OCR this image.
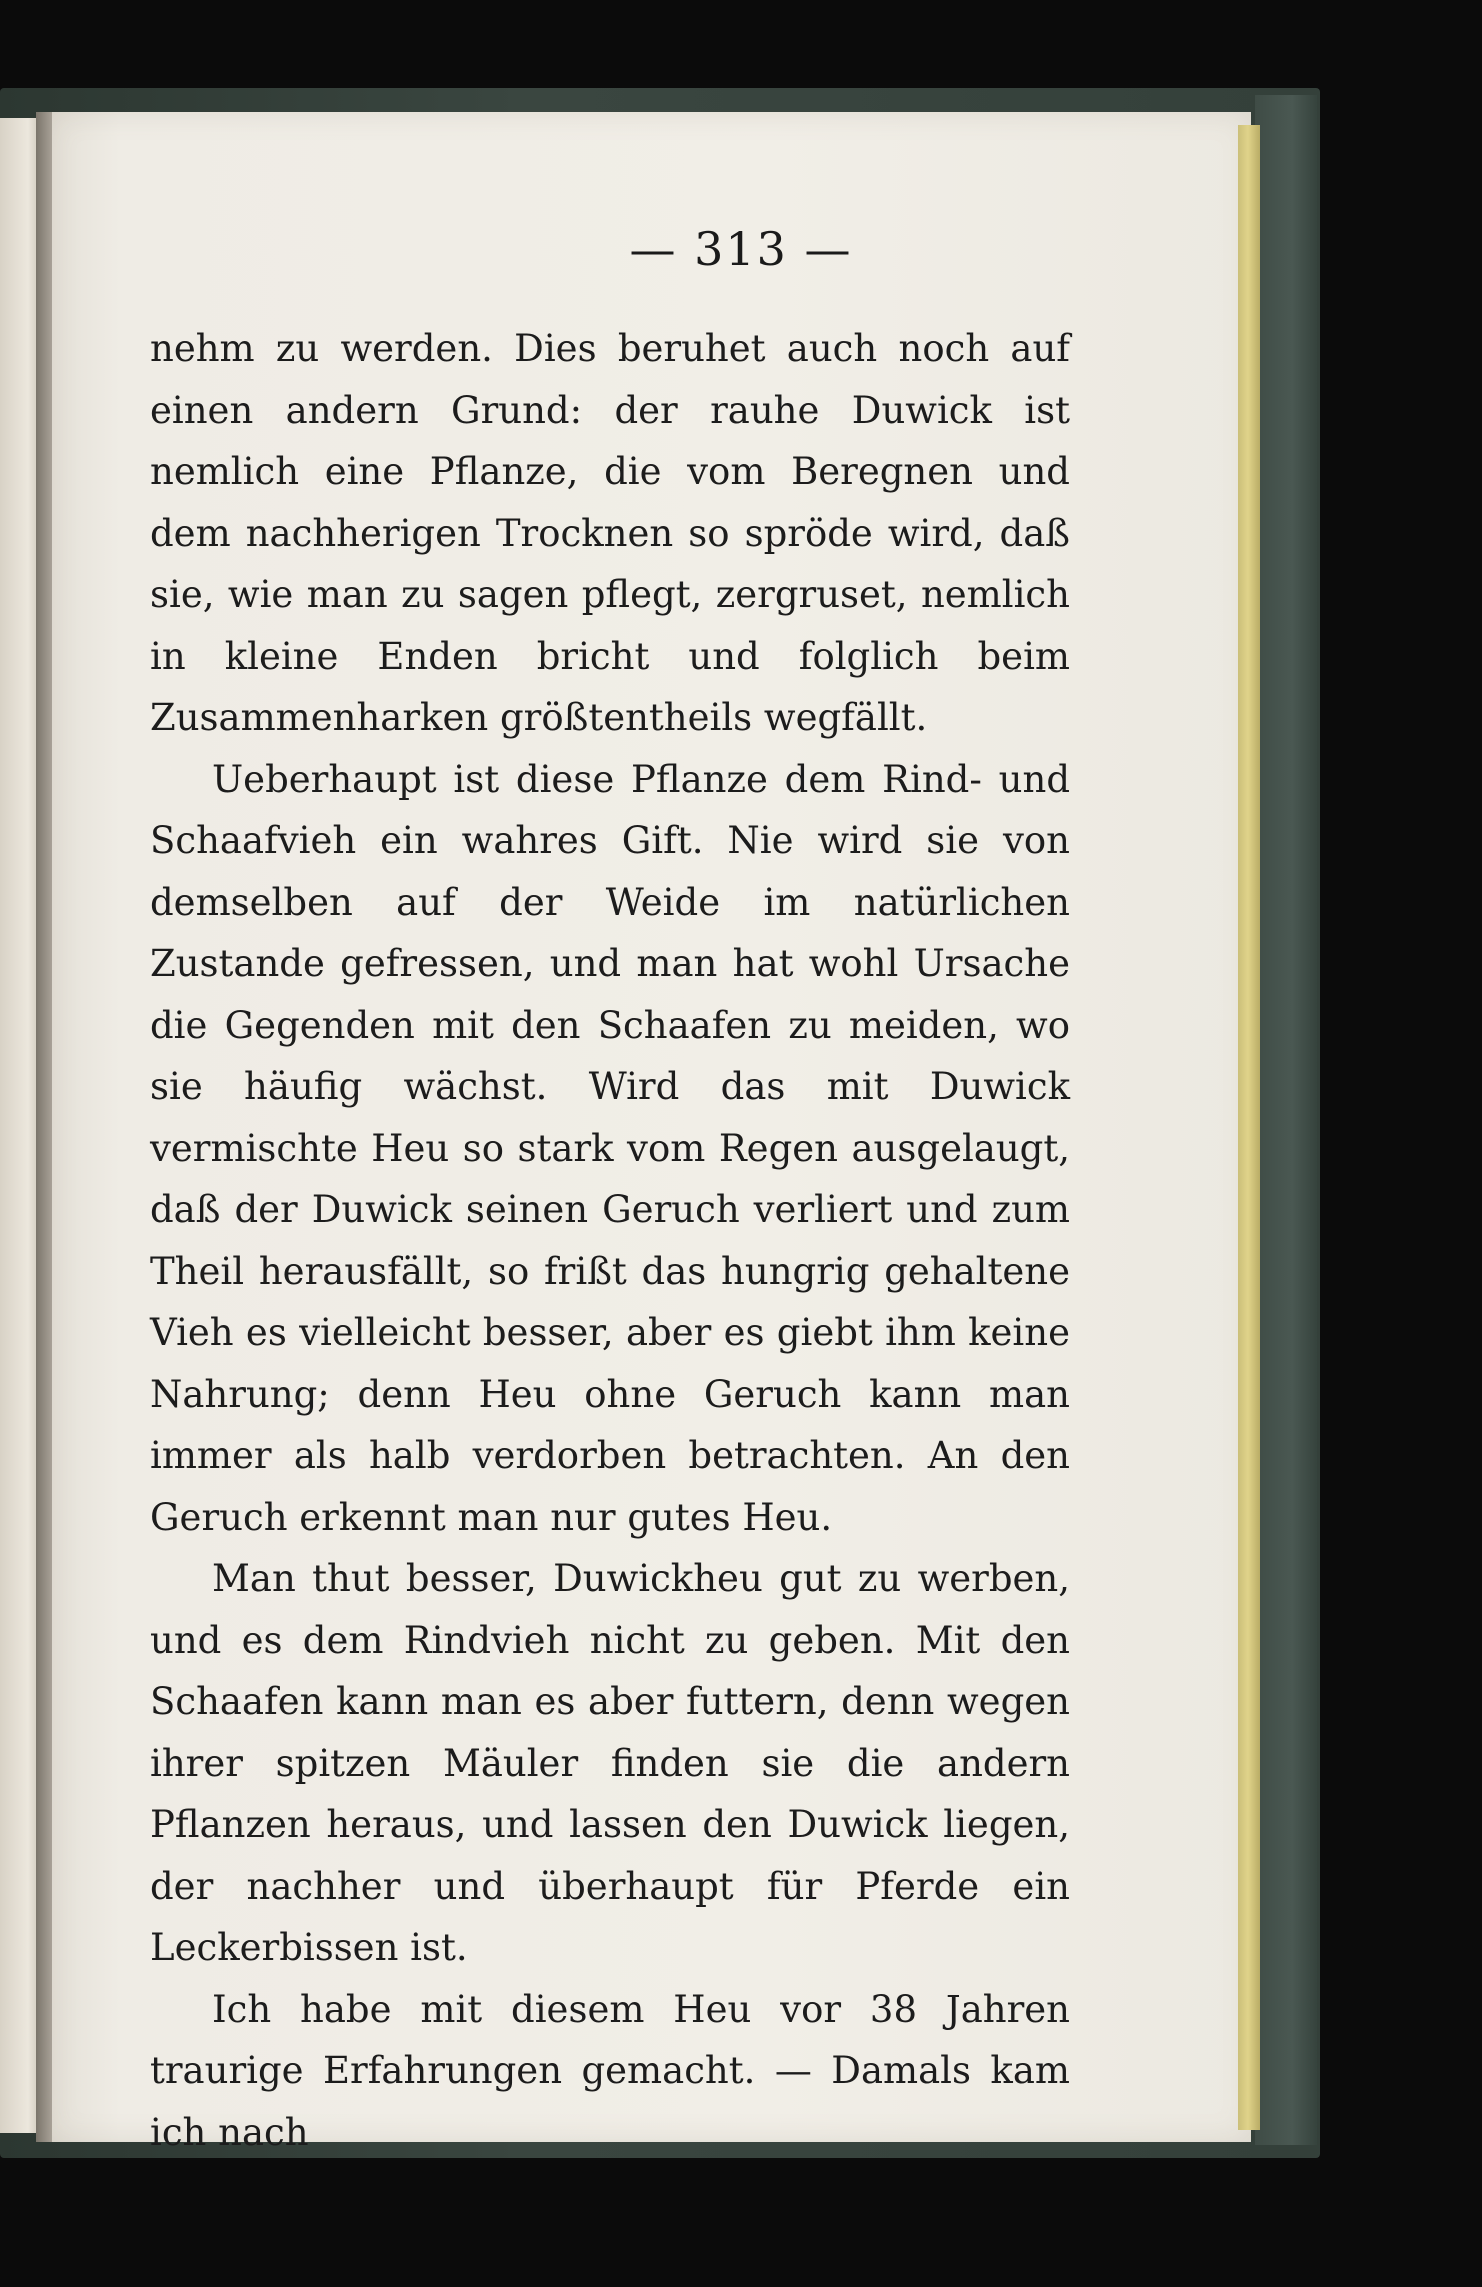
— 313 —

nehm zu werden. Dies beruhet auch noch auf einen andern Grund: der rauhe Duwick ist nemlich eine Pflanze, die vom Beregnen und dem nachherigen Trocknen so spröde wird, daß sie, wie man zu sagen pflegt, zergruset, nemlich in kleine Enden bricht und folglich beim Zusammenharken größtentheils wegfällt.

Ueberhaupt ist diese Pflanze dem Rind- und Schaafvieh ein wahres Gift. Nie wird sie von demselben auf der Weide im natürlichen Zustande gefressen, und man hat wohl Ursache die Gegenden mit den Schaafen zu meiden, wo sie häufig wächst. Wird das mit Duwick vermischte Heu so stark vom Regen ausgelaugt, daß der Duwick seinen Geruch verliert und zum Theil herausfällt, so frißt das hungrig gehaltene Vieh es vielleicht besser, aber es giebt ihm keine Nahrung; denn Heu ohne Geruch kann man immer als halb verdorben betrachten. An den Geruch erkennt man nur gutes Heu.

Man thut besser, Duwickheu gut zu werben, und es dem Rindvieh nicht zu geben. Mit den Schaafen kann man es aber futtern, denn wegen ihrer spitzen Mäuler finden sie die andern Pflanzen heraus, und lassen den Duwick liegen, der nachher und überhaupt für Pferde ein Leckerbissen ist.

Ich habe mit diesem Heu vor 38 Jahren traurige Erfahrungen gemacht. — Damals kam ich nach
